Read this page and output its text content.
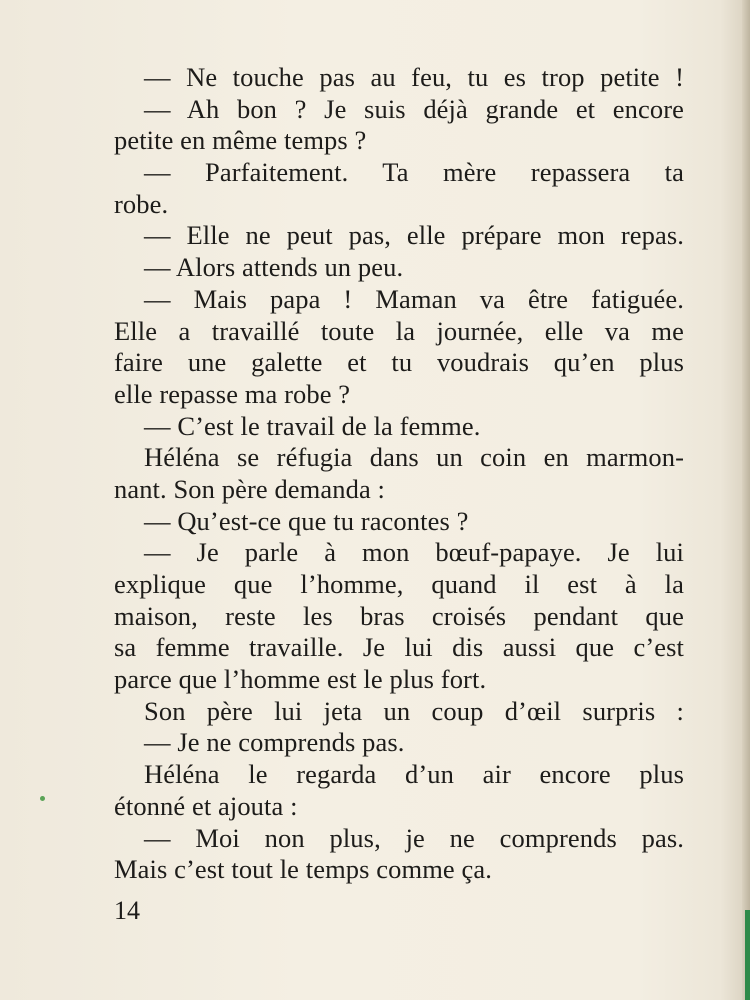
— Ne touche pas au feu, tu es trop petite !
— Ah bon ? Je suis déjà grande et encore
petite en même temps ?
— Parfaitement. Ta mère repassera ta
robe.
— Elle ne peut pas, elle prépare mon repas.
— Alors attends un peu.
— Mais papa ! Maman va être fatiguée.
Elle a travaillé toute la journée, elle va me
faire une galette et tu voudrais qu’en plus
elle repasse ma robe ?
— C’est le travail de la femme.
Héléna se réfugia dans un coin en marmon-
nant. Son père demanda :
— Qu’est-ce que tu racontes ?
— Je parle à mon bœuf-papaye. Je lui
explique que l’homme, quand il est à la
maison, reste les bras croisés pendant que
sa femme travaille. Je lui dis aussi que c’est
parce que l’homme est le plus fort.
Son père lui jeta un coup d’œil surpris :
— Je ne comprends pas.
Héléna le regarda d’un air encore plus
étonné et ajouta :
— Moi non plus, je ne comprends pas.
Mais c’est tout le temps comme ça.
14
